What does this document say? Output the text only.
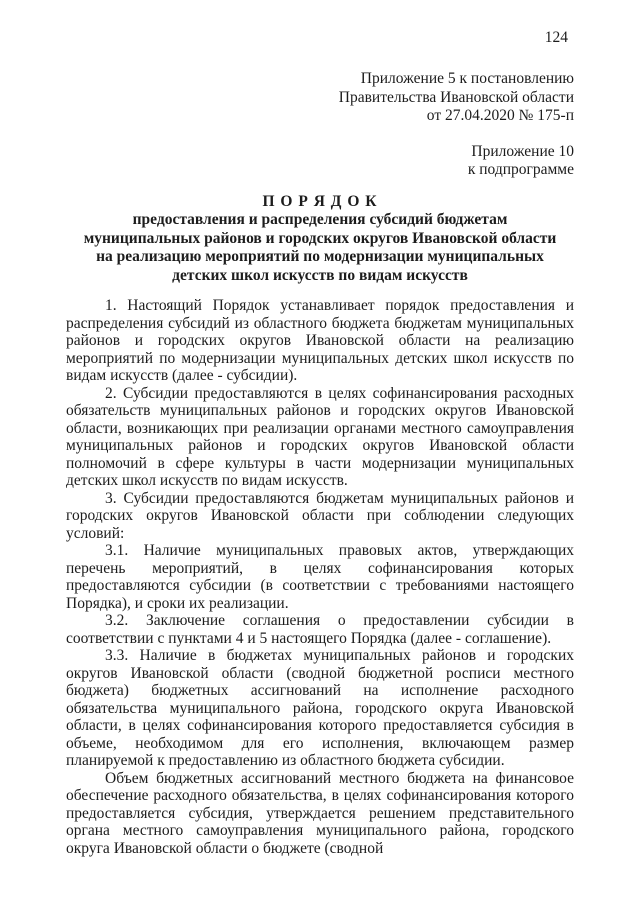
124
Приложение 5 к постановлению
Правительства Ивановской области
от 27.04.2020 № 175-п
Приложение 10
к подпрограмме
П О Р Я Д О К
предоставления и распределения субсидий бюджетам
муниципальных районов и городских округов Ивановской области
на реализацию мероприятий по модернизации муниципальных
детских школ искусств по видам искусств

1. Настоящий Порядок устанавливает порядок предоставления и распределения субсидий из областного бюджета бюджетам муниципальных районов и городских округов Ивановской области на реализацию мероприятий по модернизации муниципальных детских школ искусств по видам искусств (далее - субсидии).

2. Субсидии предоставляются в целях софинансирования расходных обязательств муниципальных районов и городских округов Ивановской области, возникающих при реализации органами местного самоуправления муниципальных районов и городских округов Ивановской области полномочий в сфере культуры в части модернизации муниципальных детских школ искусств по видам искусств.

3. Субсидии предоставляются бюджетам муниципальных районов и городских округов Ивановской области при соблюдении следующих условий:

3.1. Наличие муниципальных правовых актов, утверждающих перечень мероприятий, в целях софинансирования которых предоставляются субсидии (в соответствии с требованиями настоящего Порядка), и сроки их реализации.

3.2. Заключение соглашения о предоставлении субсидии в соответствии с пунктами 4 и 5 настоящего Порядка (далее - соглашение).

3.3. Наличие в бюджетах муниципальных районов и городских округов Ивановской области (сводной бюджетной росписи местного бюджета) бюджетных ассигнований на исполнение расходного обязательства муниципального района, городского округа Ивановской области, в целях софинансирования которого предоставляется субсидия в объеме, необходимом для его исполнения, включающем размер планируемой к предоставлению из областного бюджета субсидии.

Объем бюджетных ассигнований местного бюджета на финансовое обеспечение расходного обязательства, в целях софинансирования которого предоставляется субсидия, утверждается решением представительного органа местного самоуправления муниципального района, городского округа Ивановской области о бюджете (сводной
